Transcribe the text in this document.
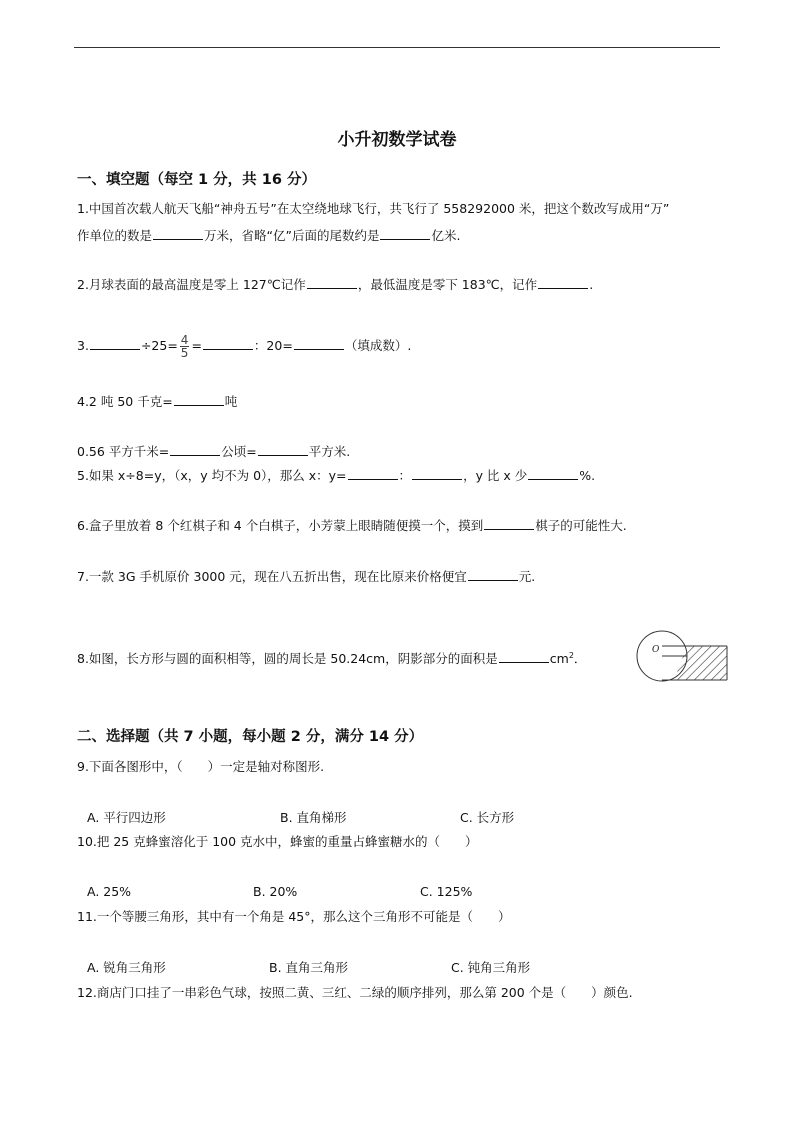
小升初数学试卷
一、填空题（每空 1 分，共 16 分）
1.中国首次载人航天飞船“神舟五号”在太空绕地球飞行，共飞行了 558292000 米，把这个数改写成用“万”
作单位的数是	万米，省略“亿”后面的尾数约是	亿米.
2.月球表面的最高温度是零上 127℃记作	，最低温度是零下 183℃，记作	.
3.	$\div 25= \frac{4}{5}$ =	：20=	（填成数）.
4.2 吨 50 千克=	吨
0.56 平方千米=	公顷=	平方米.
5.如果 x÷8=y，（x，y 均不为 0），那么 x：y=	：	，y 比 x 少	%.
6.盒子里放着 8 个红棋子和 4 个白棋子，小芳蒙上眼睛随便摸一个，摸到	棋子的可能性大.
7.一款 3G 手机原价 3000 元，现在八五折出售，现在比原来价格便宜	元.
8.如图，长方形与圆的面积相等，圆的周长是 50.24cm，阴影部分的面积是	$cm^2$．
O
二、选择题（共 7 小题，每小题 2 分，满分 14 分）
9.下面各图形中，（　　）一定是轴对称图形.
A. 平行四边形	B. 直角梯形	C. 长方形
10.把 25 克蜂蜜溶化于 100 克水中，蜂蜜的重量占蜂蜜糖水的（　　）
A. 25%	B. 20%	C. 125%
11.一个等腰三角形，其中有一个角是 45°，那么这个三角形不可能是（　　）
A. 锐角三角形	B. 直角三角形	C. 钝角三角形
12.商店门口挂了一串彩色气球，按照二黄、三红、二绿的顺序排列，那么第 200 个是（　　）颜色.
